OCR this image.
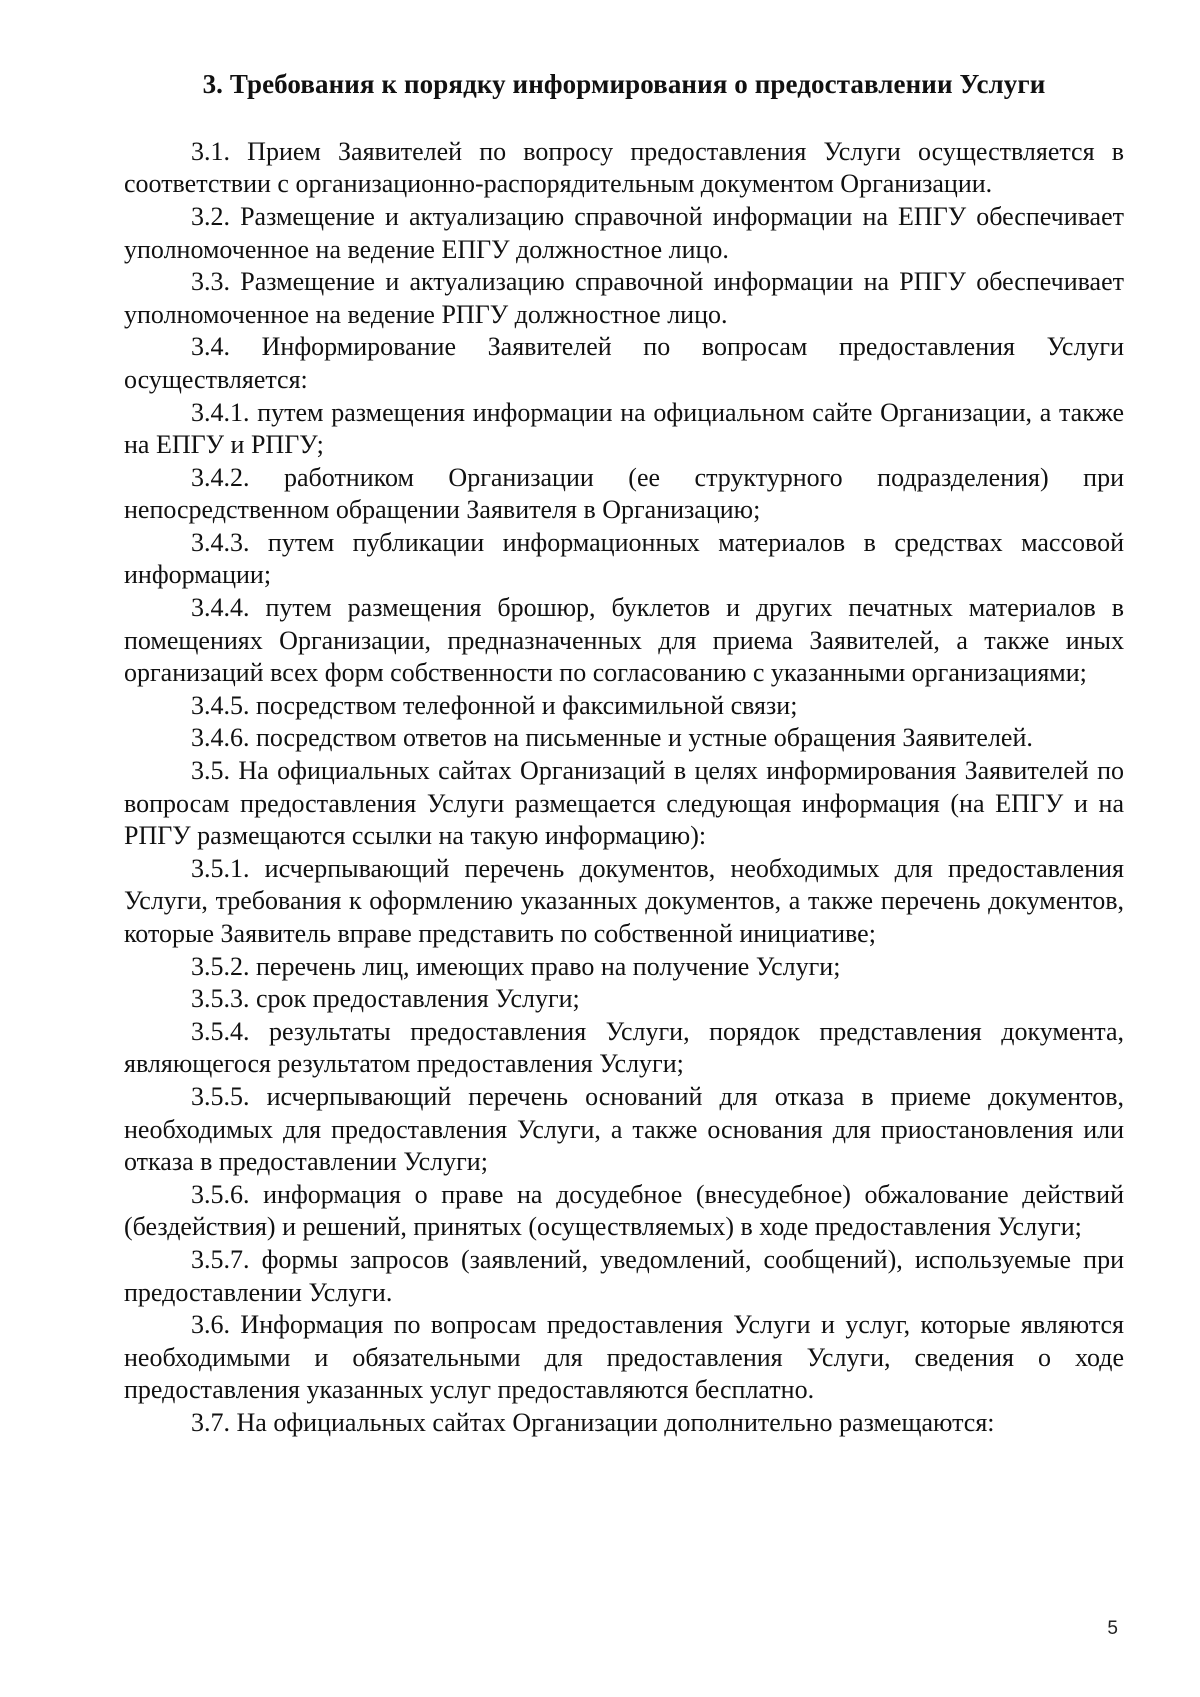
3. Требования к порядку информирования о предоставлении Услуги

3.1. Прием Заявителей по вопросу предоставления Услуги осуществляется в соответствии с организационно-распорядительным документом Организации.

3.2. Размещение и актуализацию справочной информации на ЕПГУ обеспечивает уполномоченное на ведение ЕПГУ должностное лицо.

3.3. Размещение и актуализацию справочной информации на РПГУ обеспечивает уполномоченное на ведение РПГУ должностное лицо.

3.4. Информирование Заявителей по вопросам предоставления Услуги осуществляется:

3.4.1. путем размещения информации на официальном сайте Организации, а также на ЕПГУ и РПГУ;

3.4.2. работником Организации (ее структурного подразделения) при непосредственном обращении Заявителя в Организацию;

3.4.3. путем публикации информационных материалов в средствах массовой информации;

3.4.4. путем размещения брошюр, буклетов и других печатных материалов в помещениях Организации, предназначенных для приема Заявителей, а также иных организаций всех форм собственности по согласованию с указанными организациями;

3.4.5. посредством телефонной и факсимильной связи;

3.4.6. посредством ответов на письменные и устные обращения Заявителей.

3.5. На официальных сайтах Организаций в целях информирования Заявителей по вопросам предоставления Услуги размещается следующая информация (на ЕПГУ и на РПГУ размещаются ссылки на такую информацию):

3.5.1. исчерпывающий перечень документов, необходимых для предоставления Услуги, требования к оформлению указанных документов, а также перечень документов, которые Заявитель вправе представить по собственной инициативе;

3.5.2. перечень лиц, имеющих право на получение Услуги;

3.5.3. срок предоставления Услуги;

3.5.4. результаты предоставления Услуги, порядок представления документа, являющегося результатом предоставления Услуги;

3.5.5. исчерпывающий перечень оснований для отказа в приеме документов, необходимых для предоставления Услуги, а также основания для приостановления или отказа в предоставлении Услуги;

3.5.6. информация о праве на досудебное (внесудебное) обжалование действий (бездействия) и решений, принятых (осуществляемых) в ходе предоставления Услуги;

3.5.7. формы запросов (заявлений, уведомлений, сообщений), используемые при предоставлении Услуги.

3.6. Информация по вопросам предоставления Услуги и услуг, которые являются необходимыми и обязательными для предоставления Услуги, сведения о ходе предоставления указанных услуг предоставляются бесплатно.

3.7. На официальных сайтах Организации дополнительно размещаются:

5
